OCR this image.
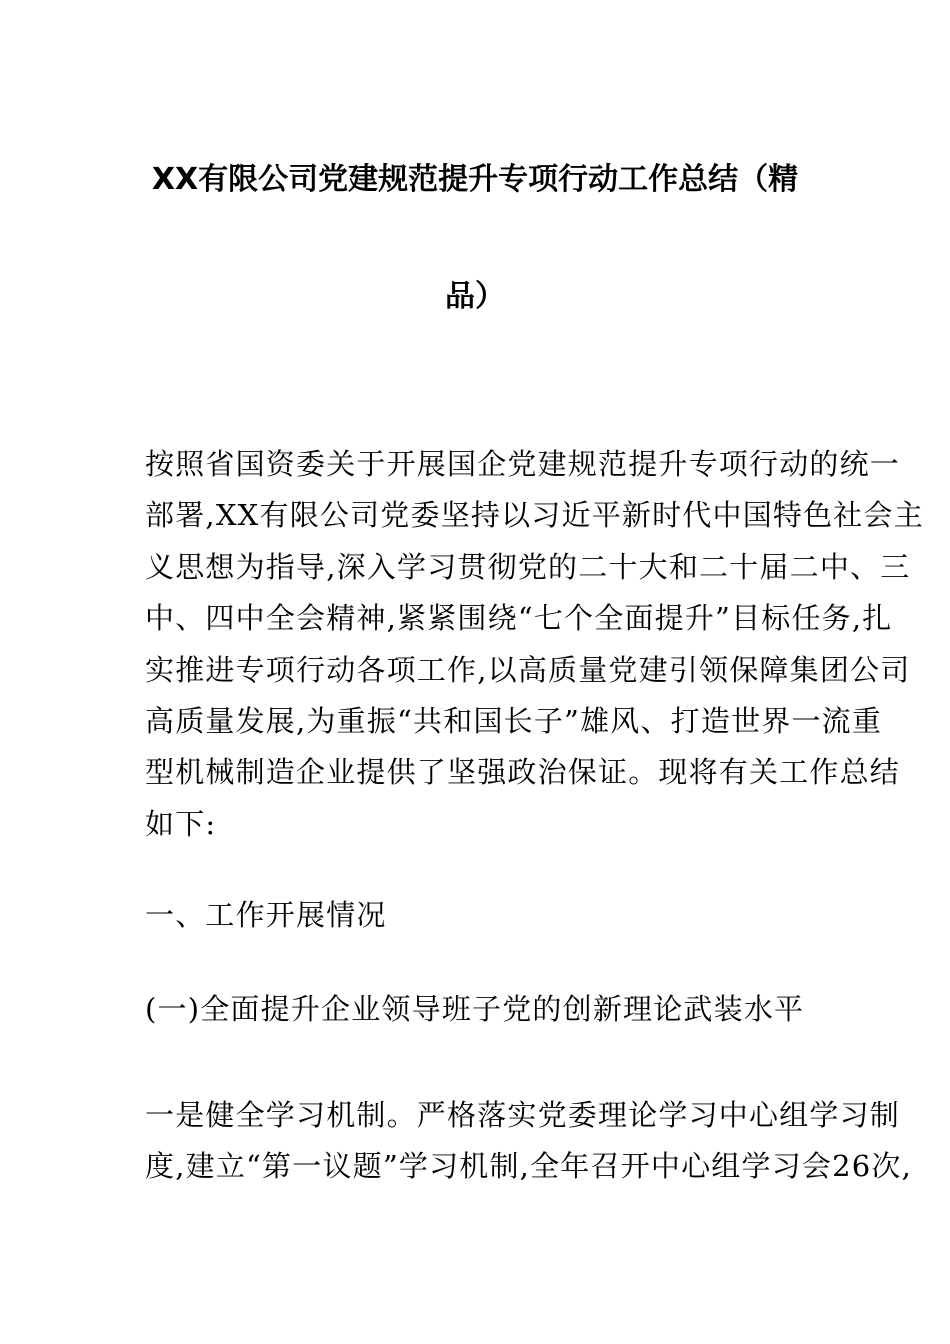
XX有限公司党建规范提升专项行动工作总结（精
品）
按照省国资委关于开展国企党建规范提升专项行动的统一
部署,XX有限公司党委坚持以习近平新时代中国特色社会主
义思想为指导,深入学习贯彻党的二十大和二十届二中、三
中、四中全会精神,紧紧围绕“七个全面提升”目标任务,扎
实推进专项行动各项工作,以高质量党建引领保障集团公司
高质量发展,为重振“共和国长子”雄风、打造世界一流重
型机械制造企业提供了坚强政治保证。现将有关工作总结
如下:
一、工作开展情况
(一)全面提升企业领导班子党的创新理论武装水平
一是健全学习机制。严格落实党委理论学习中心组学习制
度,建立“第一议题”学习机制,全年召开中心组学习会26次,
